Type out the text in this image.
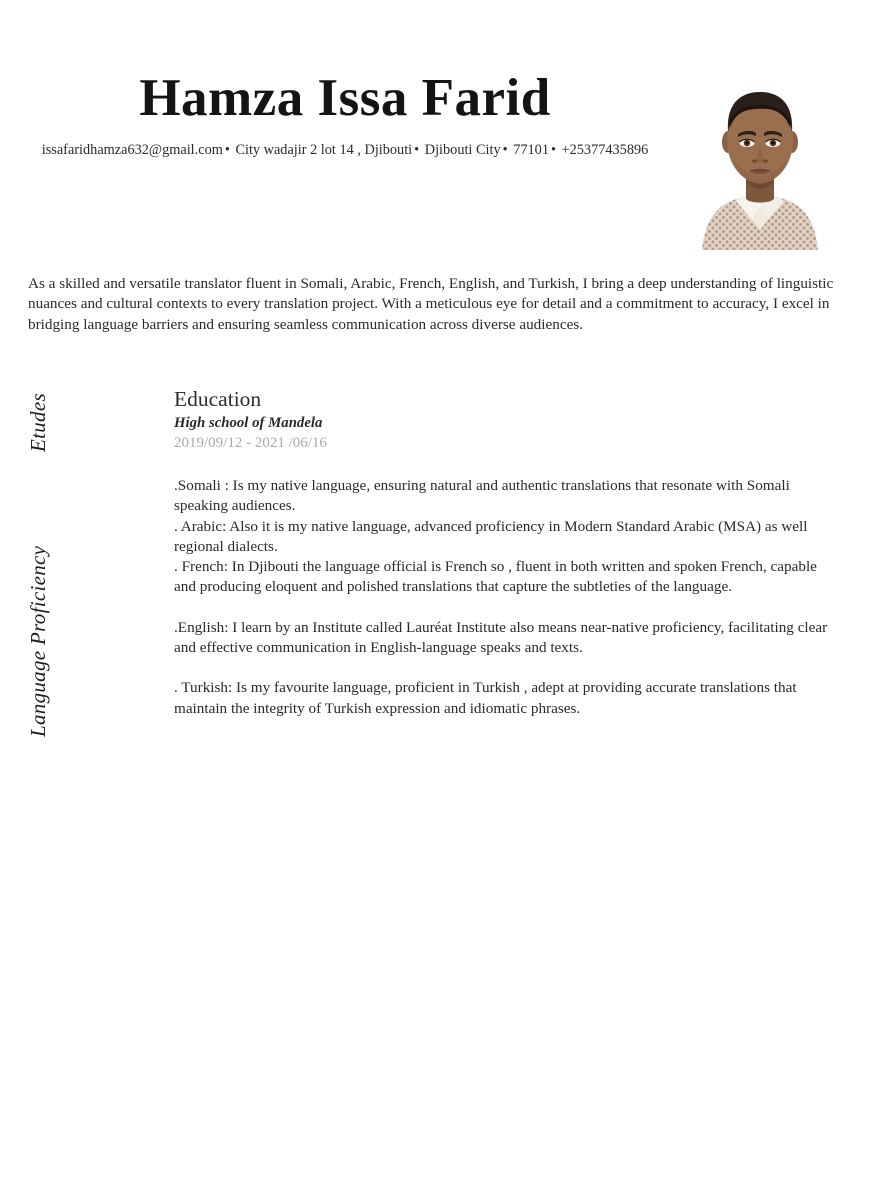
Hamza Issa Farid
issafaridhamza632@gmail.com • City wadajir 2 lot 14 , Djibouti • Djibouti City • 77101 • +25377435896
As a skilled and versatile translator fluent in Somali, Arabic, French, English, and Turkish, I bring a deep understanding of linguistic nuances and cultural contexts to every translation project. With a meticulous eye for detail and a commitment to accuracy, I excel in bridging language barriers and ensuring seamless communication across diverse audiences.
Etudes
Language Proficiency
Education
High school of Mandela
2019/09/12 - 2021 /06/16

.Somali : Is my native language, ensuring natural and authentic translations that resonate with Somali speaking audiences.

. Arabic: Also it is my native language, advanced proficiency in Modern Standard Arabic (MSA) as well regional dialects.

. French: In Djibouti the language official is French so , fluent in both written and spoken French, capable and producing eloquent and polished translations that capture the subtleties of the language.

.English: I learn by an Institute called Lauréat Institute also means near-native proficiency, facilitating clear and effective communication in English-language speaks and texts.

. Turkish: Is my favourite language, proficient in Turkish , adept at providing accurate translations that maintain the integrity of Turkish expression and idiomatic phrases.
